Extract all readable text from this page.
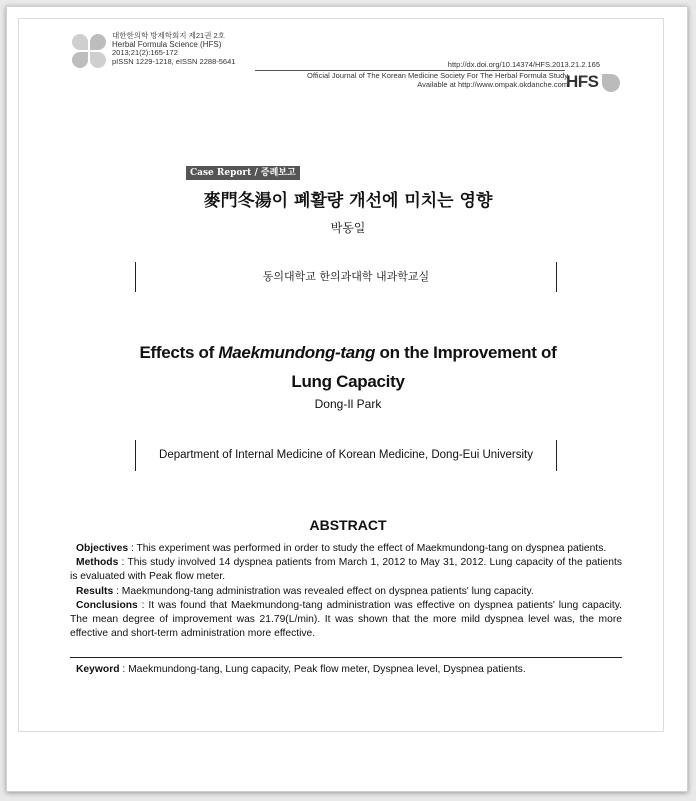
대한한의학 방제학회지 제21권 2호
Herbal Formula Science (HFS)
2013;21(2):165-172
pISSN 1229-1218, eISSN 2288-5641	http://dx.doi.org/10.14374/HFS.2013.21.2.165
Official Journal of The Korean Medicine Society For The Herbal Formula Study
Available at http://www.ompak.okdanche.com
HFS
Case Report / 증례보고
麥門冬湯이 폐활량 개선에 미치는 영향
박동일
동의대학교 한의과대학 내과학교실
Effects of Maekmundong-tang on the Improvement of
Lung Capacity
Dong-Il Park
Department of Internal Medicine of Korean Medicine, Dong-Eui University
ABSTRACT

Objectives : This experiment was performed in order to study the effect of Maekmundong-tang on dyspnea patients.

Methods : This study involved 14 dyspnea patients from March 1, 2012 to May 31, 2012. Lung capacity of the patients is evaluated with Peak flow meter.

Results : Maekmundong-tang administration was revealed effect on dyspnea patients' lung capacity.

Conclusions : It was found that Maekmundong-tang administration was effective on dyspnea patients' lung capacity. The mean degree of improvement was 21.79(L/min). It was shown that the more mild dyspnea level was, the more effective and short-term administration more effective.

Keyword : Maekmundong-tang, Lung capacity, Peak flow meter, Dyspnea level, Dyspnea patients.
